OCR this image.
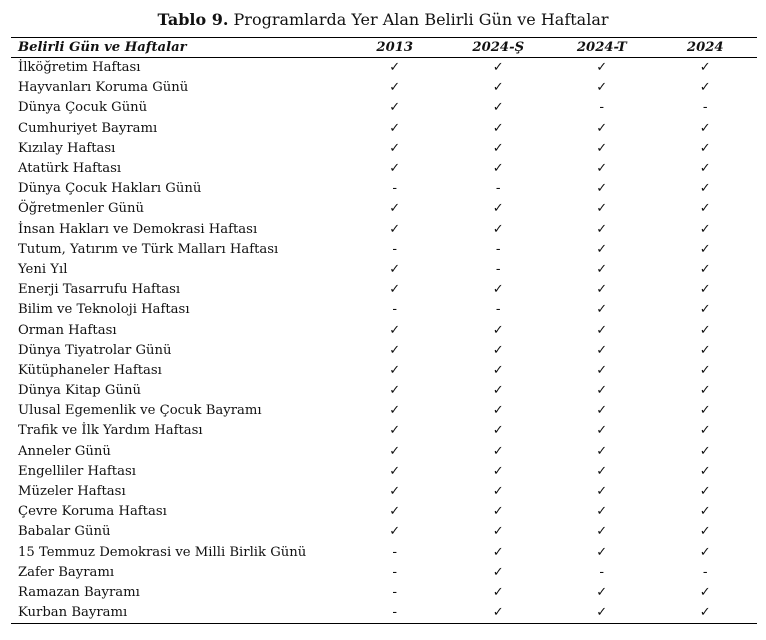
Tablo 9. Programlarda Yer Alan Belirli Gün ve Haftalar
Belirli Gün ve Haftalar	2013	2024-Ş	2024-T	2024
İlköğretim Haftası	✓	✓	✓	✓
Hayvanları Koruma Günü	✓	✓	✓	✓
Dünya Çocuk Günü	✓	✓	-	-
Cumhuriyet Bayramı	✓	✓	✓	✓
Kızılay Haftası	✓	✓	✓	✓
Atatürk Haftası	✓	✓	✓	✓
Dünya Çocuk Hakları Günü	-	-	✓	✓
Öğretmenler Günü	✓	✓	✓	✓
İnsan Hakları ve Demokrasi Haftası	✓	✓	✓	✓
Tutum, Yatırım ve Türk Malları Haftası	-	-	✓	✓
Yeni Yıl	✓	-	✓	✓
Enerji Tasarrufu Haftası	✓	✓	✓	✓
Bilim ve Teknoloji Haftası	-	-	✓	✓
Orman Haftası	✓	✓	✓	✓
Dünya Tiyatrolar Günü	✓	✓	✓	✓
Kütüphaneler Haftası	✓	✓	✓	✓
Dünya Kitap Günü	✓	✓	✓	✓
Ulusal Egemenlik ve Çocuk Bayramı	✓	✓	✓	✓
Trafik ve İlk Yardım Haftası	✓	✓	✓	✓
Anneler Günü	✓	✓	✓	✓
Engelliler Haftası	✓	✓	✓	✓
Müzeler Haftası	✓	✓	✓	✓
Çevre Koruma Haftası	✓	✓	✓	✓
Babalar Günü	✓	✓	✓	✓
15 Temmuz Demokrasi ve Milli Birlik Günü	-	✓	✓	✓
Zafer Bayramı	-	✓	-	-
Ramazan Bayramı	-	✓	✓	✓
Kurban Bayramı	-	✓	✓	✓
